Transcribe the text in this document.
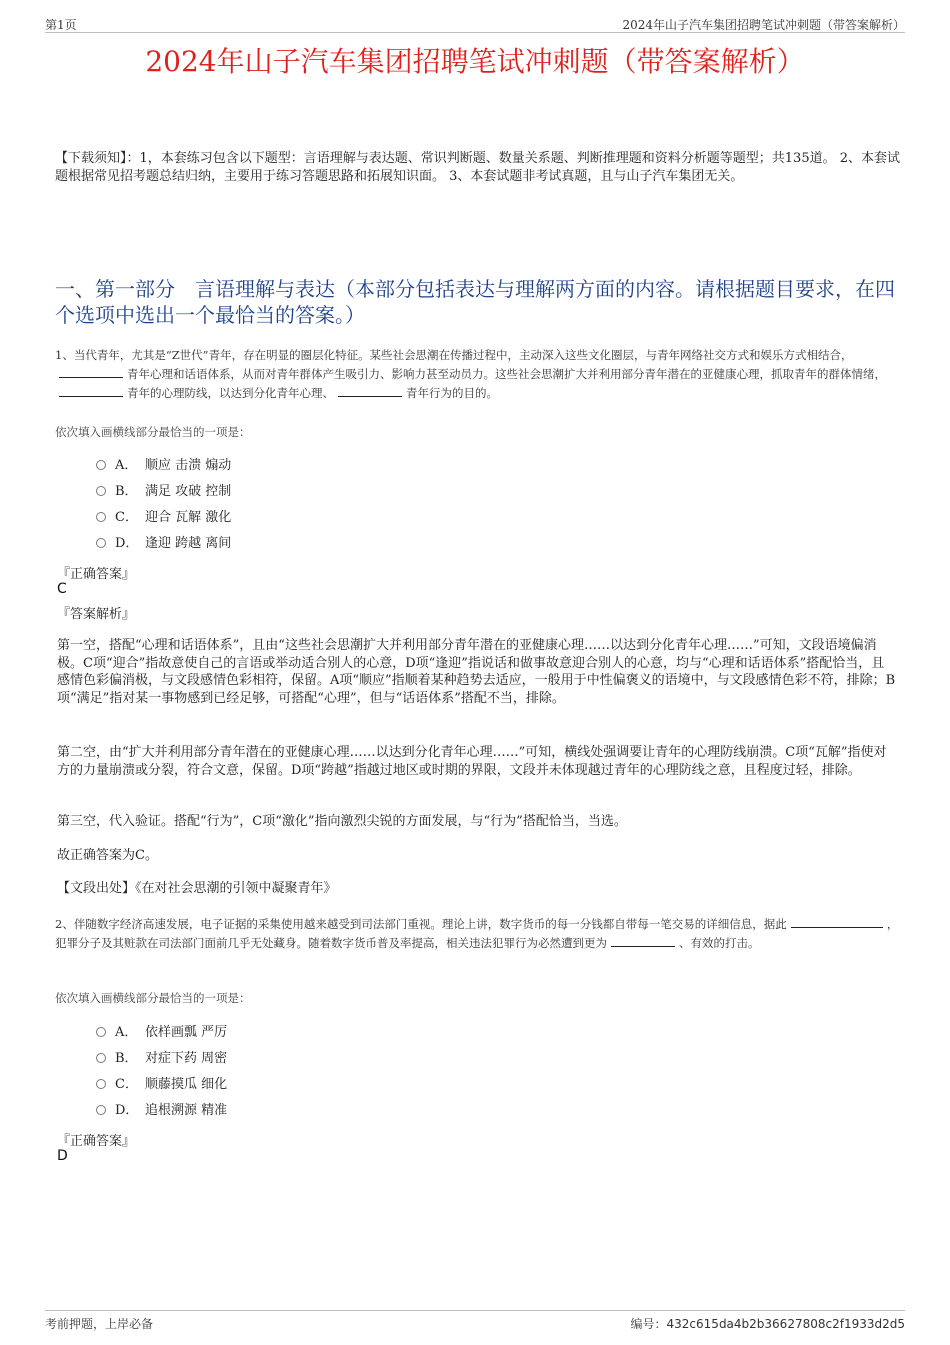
第1页	2024年山子汽车集团招聘笔试冲刺题（带答案解析）
2024年山子汽车集团招聘笔试冲刺题（带答案解析）
【下载须知】：1，本套练习包含以下题型：言语理解与表达题、常识判断题、数量关系题、判断推理题和资料分析题等题型；共135道。 2、本套试题根据常见招考题总结归纳，主要用于练习答题思路和拓展知识面。 3、本套试题非考试真题，且与山子汽车集团无关。
一、第一部分　言语理解与表达（本部分包括表达与理解两方面的内容。请根据题目要求，在四个选项中选出一个最恰当的答案。）
1、当代青年，尤其是“Z世代”青年，存在明显的圈层化特征。某些社会思潮在传播过程中，主动深入这些文化圈层，与青年网络社交方式和娱乐方式相结合，青年心理和话语体系，从而对青年群体产生吸引力、影响力甚至动员力。这些社会思潮扩大并利用部分青年潜在的亚健康心理，抓取青年的群体情绪，青年的心理防线，以达到分化青年心理、	青年行为的目的。
依次填入画横线部分最恰当的一项是：
A． 顺应 击溃 煽动
B． 满足 攻破 控制
C． 迎合 瓦解 激化
D． 逢迎 跨越 离间
『正确答案』
C
『答案解析』
第一空，搭配“心理和话语体系”，且由“这些社会思潮扩大并利用部分青年潜在的亚健康心理……以达到分化青年心理……”可知，文段语境偏消极。C项“迎合”指故意使自己的言语或举动适合别人的心意，D项“逢迎”指说话和做事故意迎合别人的心意，均与“心理和话语体系”搭配恰当，且感情色彩偏消极，与文段感情色彩相符，保留。A项“顺应”指顺着某种趋势去适应，一般用于中性偏褒义的语境中，与文段感情色彩不符，排除；B项“满足”指对某一事物感到已经足够，可搭配“心理”，但与“话语体系”搭配不当，排除。
第二空，由“扩大并利用部分青年潜在的亚健康心理……以达到分化青年心理……”可知，横线处强调要让青年的心理防线崩溃。C项“瓦解”指使对方的力量崩溃或分裂，符合文意，保留。D项“跨越”指越过地区或时期的界限，文段并未体现越过青年的心理防线之意，且程度过轻，排除。
第三空，代入验证。搭配“行为”，C项“激化”指向激烈尖锐的方面发展，与“行为”搭配恰当，当选。
故正确答案为C。
【文段出处】《在对社会思潮的引领中凝聚青年》
2、伴随数字经济高速发展，电子证据的采集使用越来越受到司法部门重视。理论上讲，数字货币的每一分钱都自带每一笔交易的详细信息，据此	，犯罪分子及其赃款在司法部门面前几乎无处藏身。随着数字货币普及率提高，相关违法犯罪行为必然遭到更为	、有效的打击。
依次填入画横线部分最恰当的一项是：
A． 依样画瓢 严厉
B． 对症下药 周密
C． 顺藤摸瓜 细化
D． 追根溯源 精准
『正确答案』
D
考前押题，上岸必备	编号：432c615da4b2b36627808c2f1933d2d5
